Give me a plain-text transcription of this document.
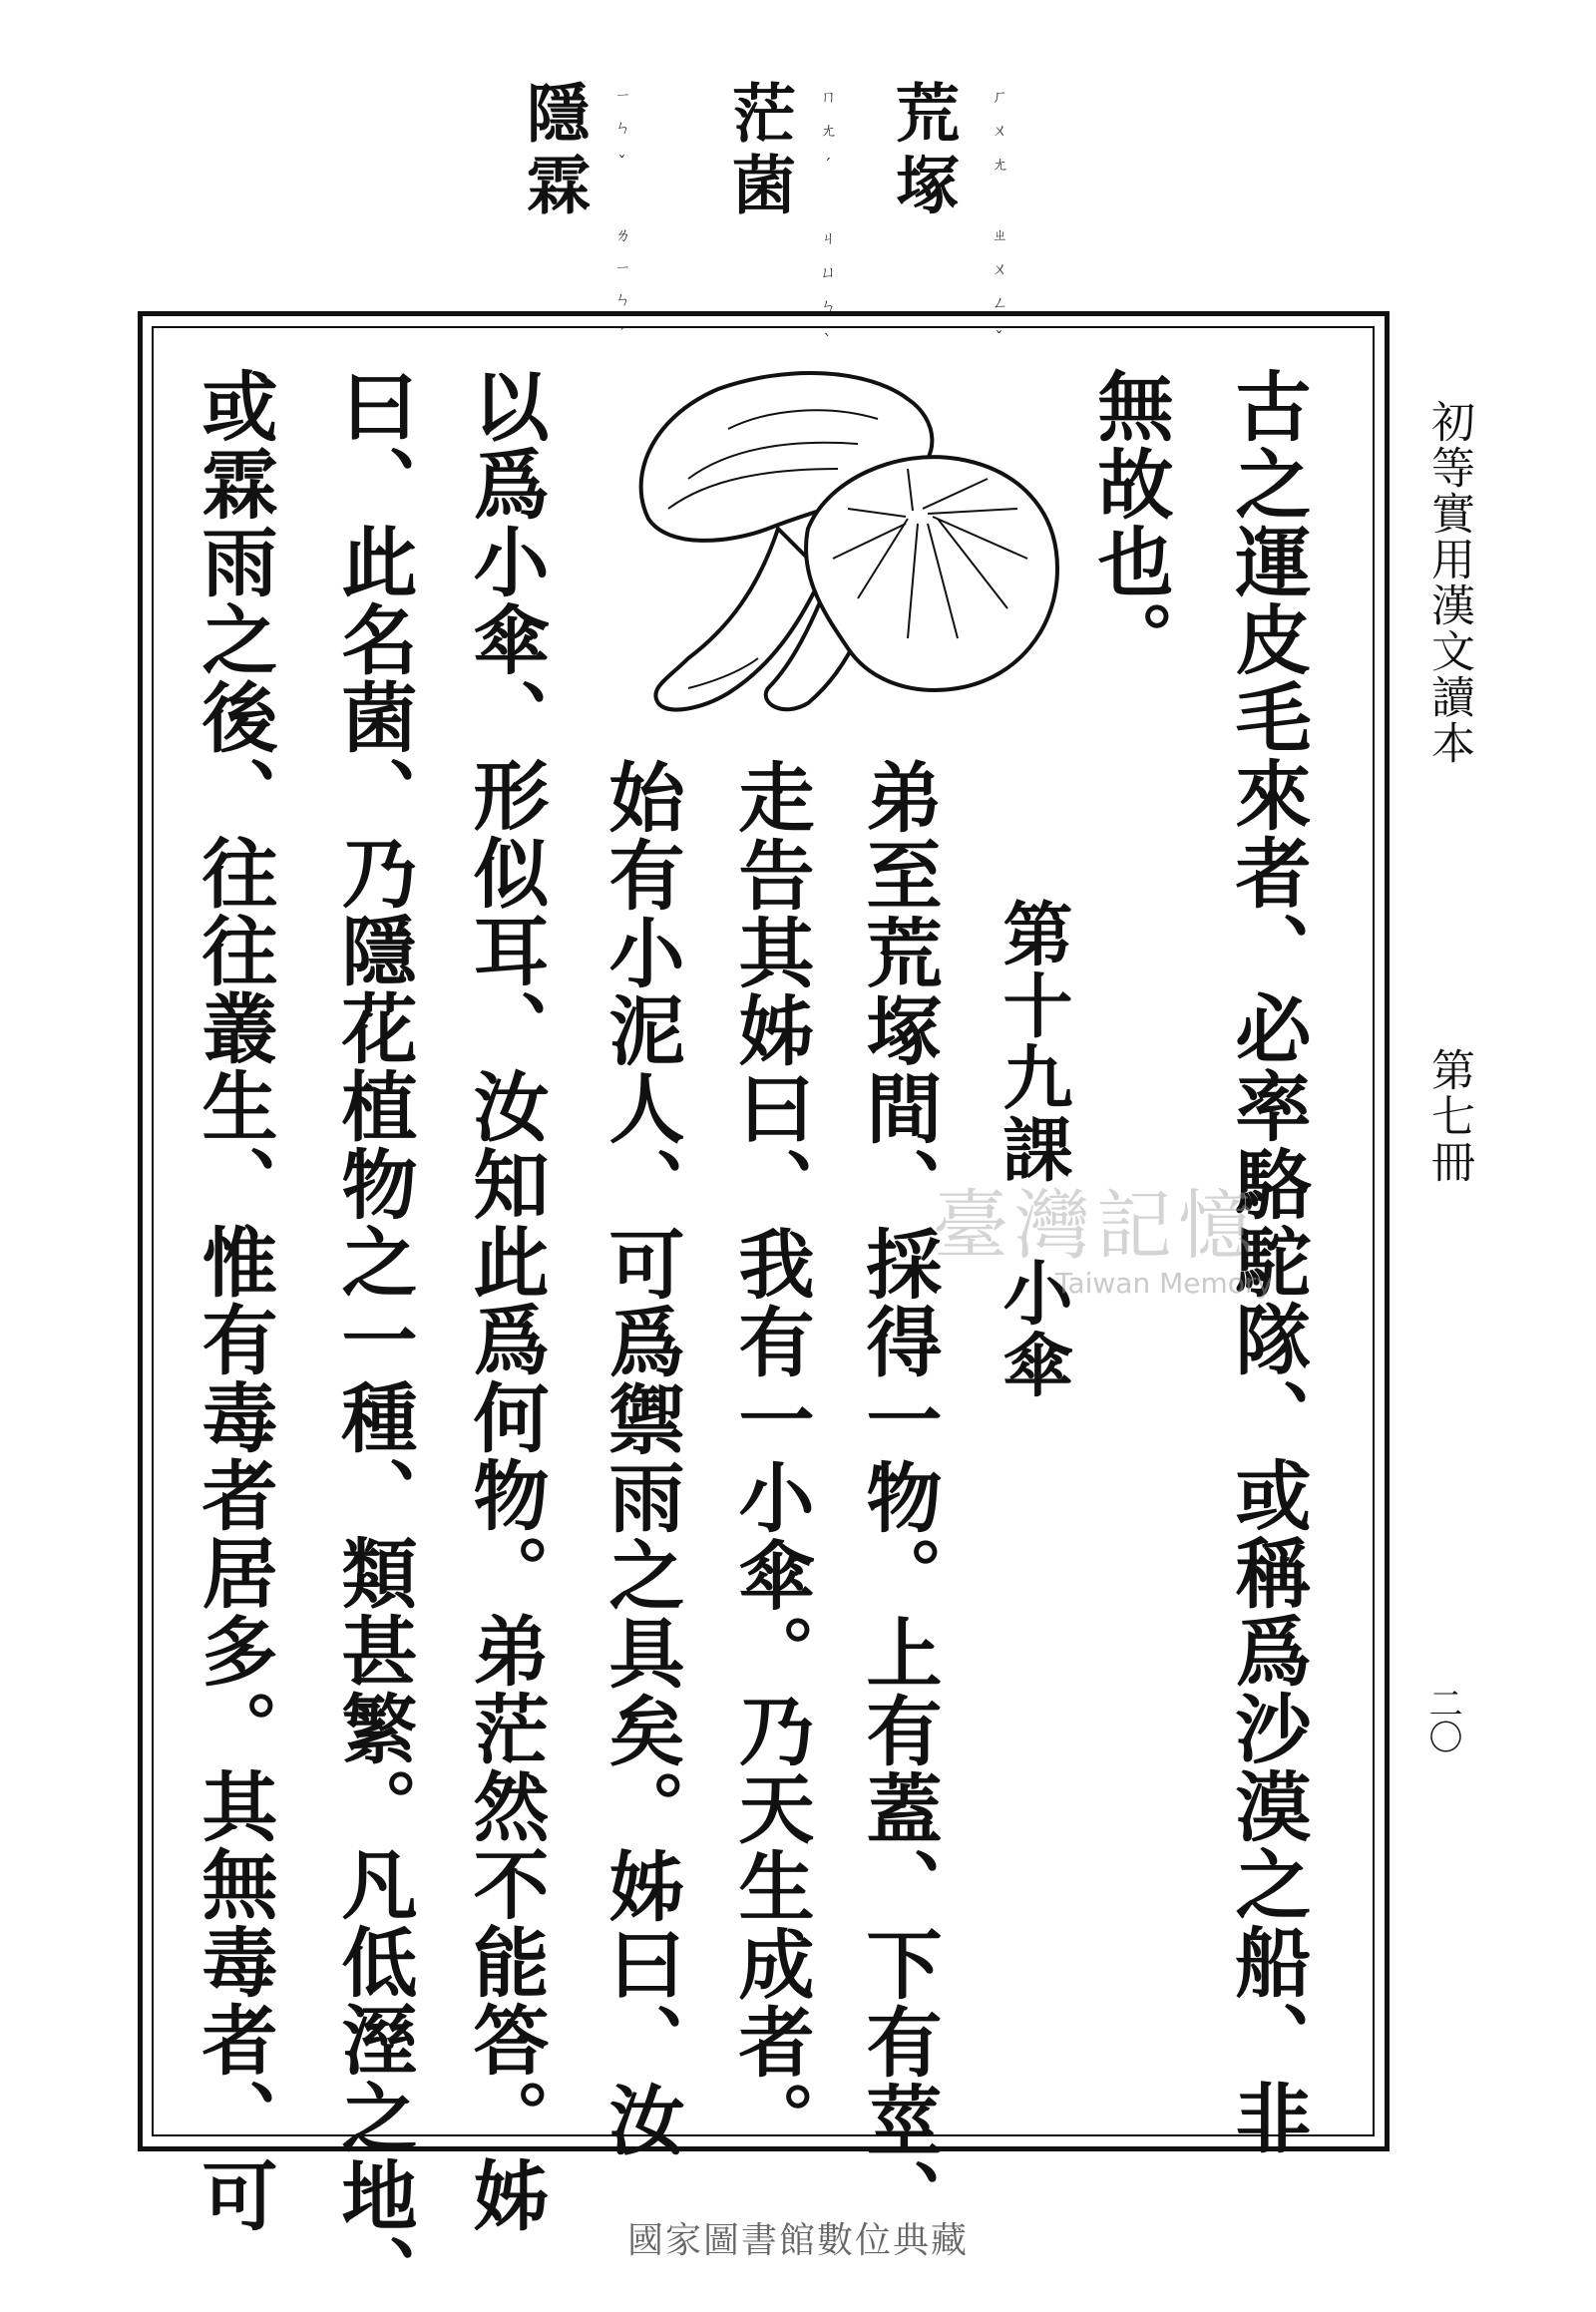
荒塚 ㄏㄨㄤ ㄓㄨㄥˇ
茫菌 ㄇㄤˊ ㄐㄩㄣˋ
隱霖 ㄧㄣˇ ㄌㄧㄣˊ
古之運皮毛來者、必率駱駝隊、或稱爲沙漠之船、非
無故也。
第十九課　小傘
弟至荒塚間、採得一物。上有蓋、下有莖、
走告其姊曰、我有一小傘。乃天生成者。
始有小泥人、可爲禦雨之具矣。姊曰、汝
以爲小傘、形似耳、汝知此爲何物。弟茫然不能答。姊
曰、此名菌、乃隱花植物之一種、類甚繁。凡低溼之地、
或霖雨之後、往往叢生、惟有毒者居多。其無毒者、可	初等實用漢文讀本
第七冊
二〇
臺灣記憶
Taiwan Memory
國家圖書館數位典藏
